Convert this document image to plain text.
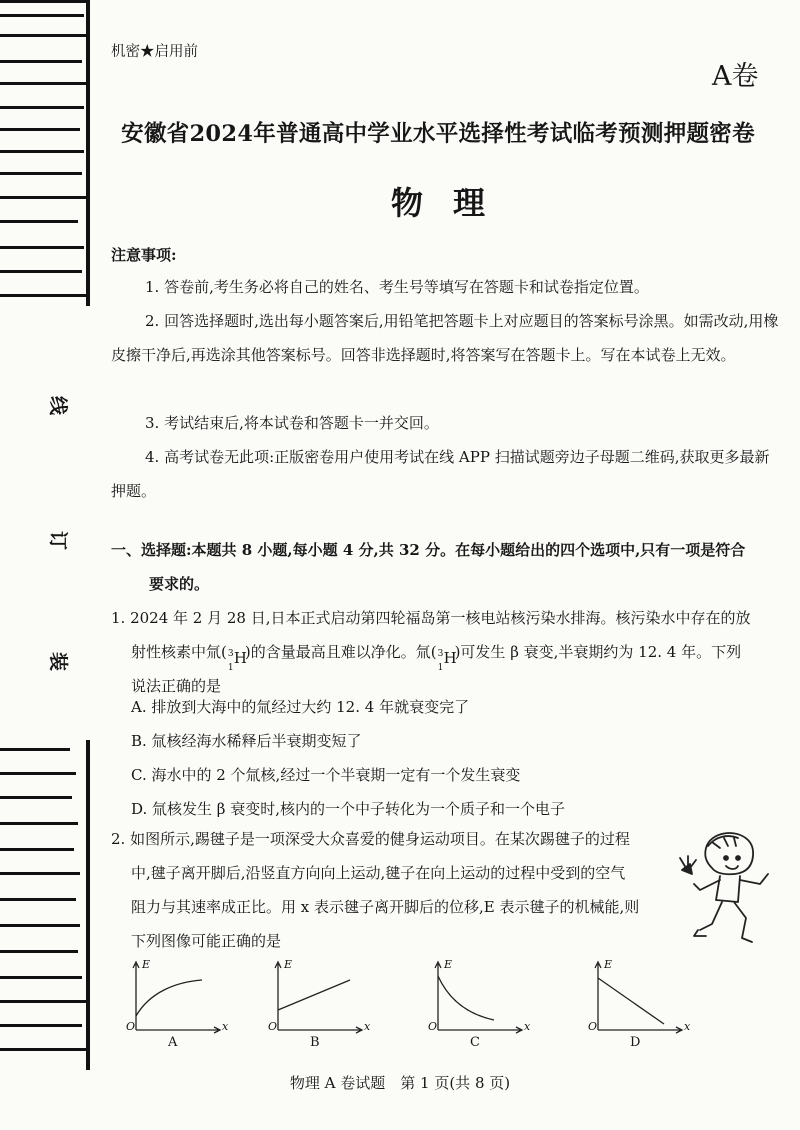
线
订
装
机密★启用前
A卷
安徽省2024年普通高中学业水平选择性考试临考预测押题密卷
物理
注意事项:
1. 答卷前,考生务必将自己的姓名、考生号等填写在答题卡和试卷指定位置。
2. 回答选择题时,选出每小题答案后,用铅笔把答题卡上对应题目的答案标号涂黑。如需改动,用橡皮擦干净后,再选涂其他答案标号。回答非选择题时,将答案写在答题卡上。写在本试卷上无效。
3. 考试结束后,将本试卷和答题卡一并交回。
4. 高考试卷无此项:正版密卷用户使用考试在线 APP 扫描试题旁边子母题二维码,获取更多最新押题。
一、选择题:本题共 8 小题,每小题 4 分,共 32 分。在每小题给出的四个选项中,只有一项是符合
要求的。
1. 2024 年 2 月 28 日,日本正式启动第四轮福岛第一核电站核污染水排海。核污染水中存在的放
射性核素中氚( 3
1
H
)的含量最高且难以净化。氚( 3
1
H
)可发生 β 衰变,半衰期约为 12. 4 年。下列
说法正确的是
A. 排放到大海中的氚经过大约 12. 4 年就衰变完了
B. 氚核经海水稀释后半衰期变短了
C. 海水中的 2 个氚核,经过一个半衰期一定有一个发生衰变
D. 氚核发生 β 衰变时,核内的一个中子转化为一个质子和一个电子
2. 如图所示,踢毽子是一项深受大众喜爱的健身运动项目。在某次踢毽子的过程
中,毽子离开脚后,沿竖直方向向上运动,毽子在向上运动的过程中受到的空气
阻力与其速率成正比。用 x 表示毽子离开脚后的位移,E 表示毽子的机械能,则
下列图像可能正确的是
E
x
O
A
E
x
O
B
E
x
O
C
E
x
O
D
物理 A 卷试题　第 1 页(共 8 页)
